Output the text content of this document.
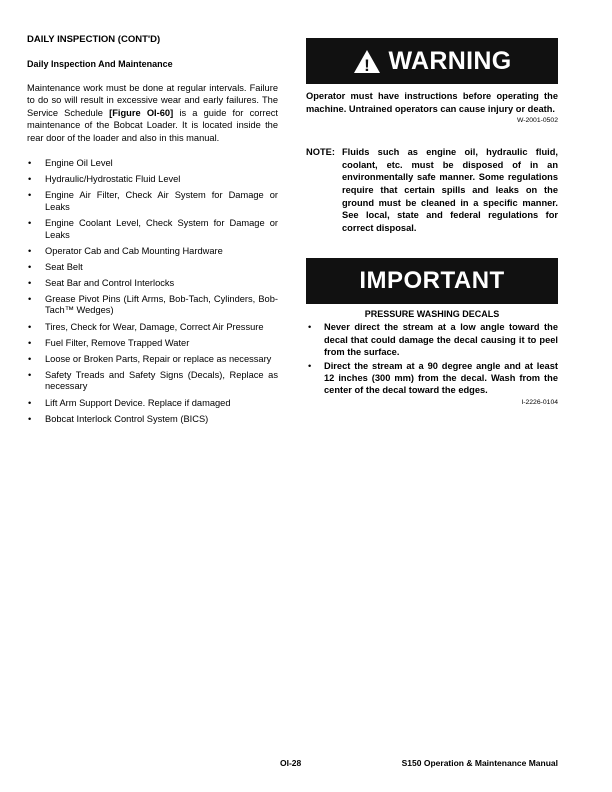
DAILY INSPECTION (CONT'D)

Daily Inspection And Maintenance

Maintenance work must be done at regular intervals. Failure to do so will result in excessive wear and early failures. The Service Schedule [Figure OI-60] is a guide for correct maintenance of the Bobcat Loader. It is located inside the rear door of the loader and also in this manual.

• Engine Oil Level
• Hydraulic/Hydrostatic Fluid Level
• Engine Air Filter, Check Air System for Damage or Leaks
• Engine Coolant Level, Check System for Damage or Leaks
• Operator Cab and Cab Mounting Hardware
• Seat Belt
• Seat Bar and Control Interlocks
• Grease Pivot Pins (Lift Arms, Bob-Tach, Cylinders, Bob-Tach™ Wedges)
• Tires, Check for Wear, Damage, Correct Air Pressure
• Fuel Filter, Remove Trapped Water
• Loose or Broken Parts, Repair or replace as necessary
• Safety Treads and Safety Signs (Decals), Replace as necessary
• Lift Arm Support Device. Replace if damaged
• Bobcat Interlock Control System (BICS)
! WARNING

Operator must have instructions before operating the machine. Untrained operators can cause injury or death.

W-2001-0502

NOTE: Fluids such as engine oil, hydraulic fluid, coolant, etc. must be disposed of in an environmentally safe manner. Some regulations require that certain spills and leaks on the ground must be cleaned in a specific manner. See local, state and federal regulations for correct disposal.
IMPORTANT

PRESSURE WASHING DECALS

• Never direct the stream at a low angle toward the decal that could damage the decal causing it to peel from the surface.
• Direct the stream at a 90 degree angle and at least 12 inches (300 mm) from the decal. Wash from the center of the decal toward the edges.

I-2226-0104

OI-28	S150 Operation & Maintenance Manual
